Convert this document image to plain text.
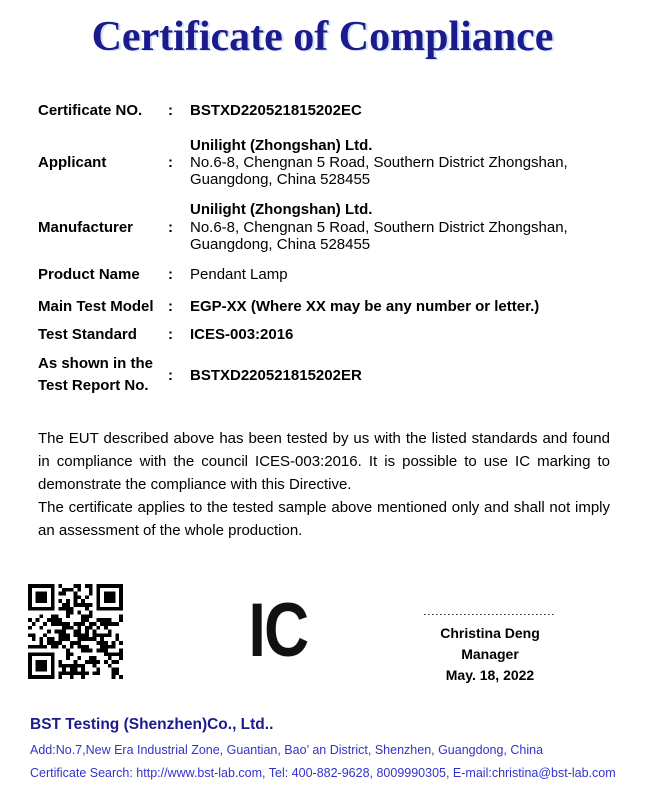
Certificate of Compliance
Certificate NO.	:	BSTXD220521815202EC
Applicant	:
Unilight (Zhongshan) Ltd.
No.6-8, Chengnan 5 Road, Southern District Zhongshan,
Guangdong, China 528455
Manufacturer	:
Unilight (Zhongshan) Ltd.
No.6-8, Chengnan 5 Road, Southern District Zhongshan,
Guangdong, China 528455
Product Name	:	Pendant Lamp
Main Test Model :	EGP-XX (Where XX may be any number or letter.)
Test Standard	:	ICES-003:2016
As shown in the
Test Report No.
:	BSTXD220521815202ER

The EUT described above has been tested by us with the listed standards and found in compliance with the council ICES-003:2016. It is possible to use IC marking to demonstrate the compliance with this Directive.

The certificate applies to the tested sample above mentioned only and shall not imply an assessment of the whole production.

IC	Christina Deng
Manager
May. 18, 2022
BST Testing (Shenzhen)Co., Ltd..
Add:No.7,New Era Industrial Zone, Guantian, Bao’ an District, Shenzhen, Guangdong, China
Certificate Search: http://www.bst-lab.com, Tel: 400-882-9628, 8009990305, E-mail:christina@bst-lab.com
